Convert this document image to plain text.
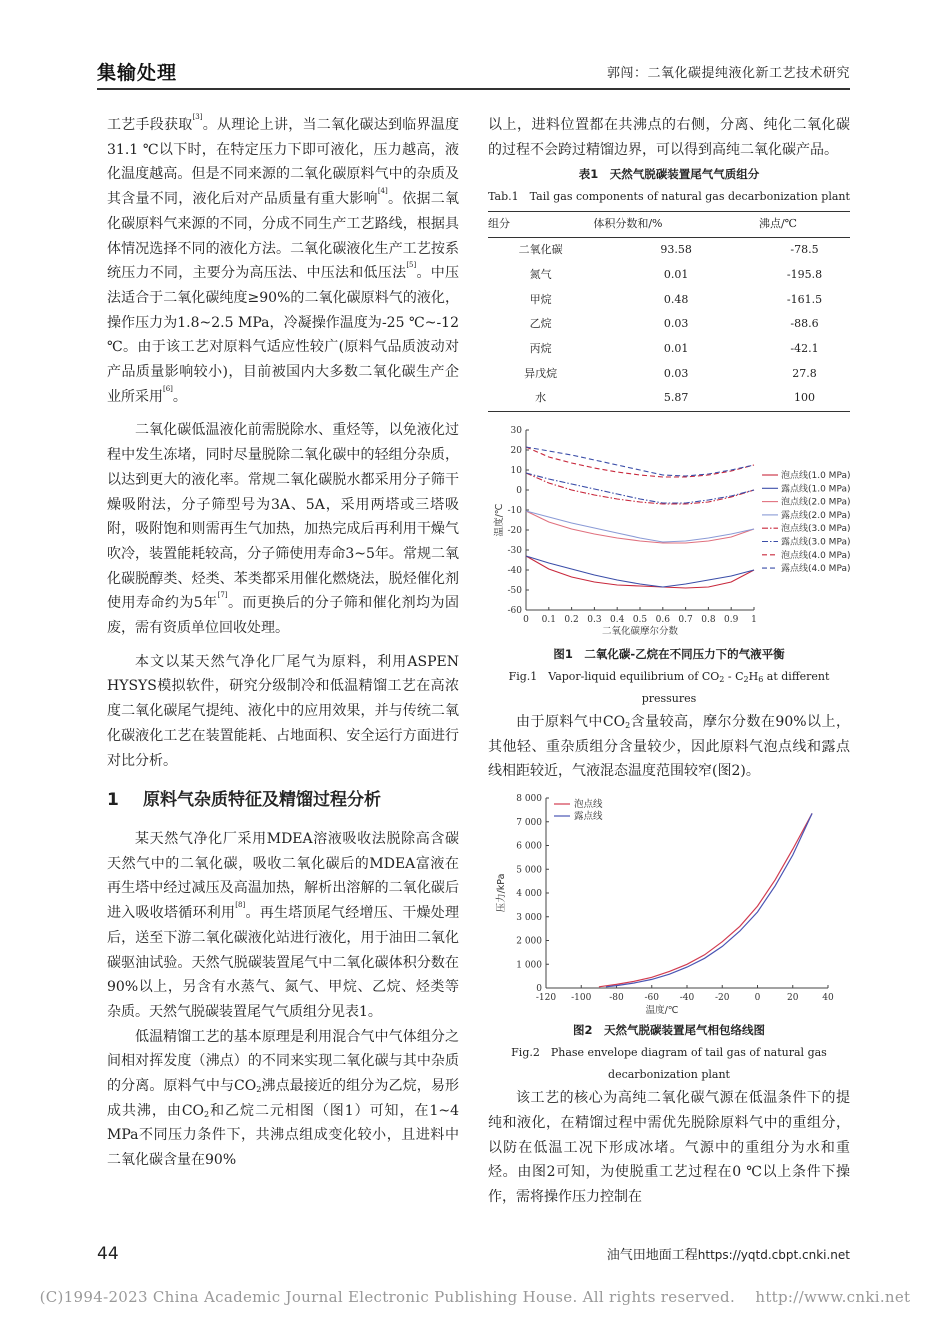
集输处理	郭闯：二氧化碳提纯液化新工艺技术研究

工艺手段获取[3]。从理论上讲，当二氧化碳达到临界温度 31.1 ℃以下时，在特定压力下即可液化，压力越高，液化温度越高。但是不同来源的二氧化碳原料气中的杂质及其含量不同，液化后对产品质量有重大影响[4]。依据二氧化碳原料气来源的不同，分成不同生产工艺路线，根据具体情况选择不同的液化方法。二氧化碳液化生产工艺按系统压力不同，主要分为高压法、中压法和低压法[5]。中压法适合于二氧化碳纯度≥90%的二氧化碳原料气的液化，操作压力为1.8~2.5 MPa，冷凝操作温度为-25 ℃~-12 ℃。由于该工艺对原料气适应性较广(原料气品质波动对产品质量影响较小)，目前被国内大多数二氧化碳生产企业所采用[6]。

二氧化碳低温液化前需脱除水、重烃等，以免液化过程中发生冻堵，同时尽量脱除二氧化碳中的轻组分杂质，以达到更大的液化率。常规二氧化碳脱水都采用分子筛干燥吸附法，分子筛型号为3A、5A，采用两塔或三塔吸附，吸附饱和则需再生气加热，加热完成后再利用干燥气吹冷，装置能耗较高，分子筛使用寿命3~5年。常规二氧化碳脱醇类、烃类、苯类都采用催化燃烧法，脱烃催化剂使用寿命约为5年[7]。而更换后的分子筛和催化剂均为固废，需有资质单位回收处理。

本文以某天然气净化厂尾气为原料，利用ASPEN HYSYS模拟软件，研究分级制冷和低温精馏工艺在高浓度二氧化碳尾气提纯、液化中的应用效果，并与传统二氧化碳液化工艺在装置能耗、占地面积、安全运行方面进行对比分析。

1 原料气杂质特征及精馏过程分析

某天然气净化厂采用MDEA溶液吸收法脱除高含碳天然气中的二氧化碳，吸收二氧化碳后的MDEA富液在再生塔中经过减压及高温加热，解析出溶解的二氧化碳后进入吸收塔循环利用[8]。再生塔顶尾气经增压、干燥处理后，送至下游二氧化碳液化站进行液化，用于油田二氧化碳驱油试验。天然气脱碳装置尾气中二氧化碳体积分数在90%以上，另含有水蒸气、氮气、甲烷、乙烷、烃类等杂质。天然气脱碳装置尾气气质组分见表1。

低温精馏工艺的基本原理是利用混合气中气体组分之间相对挥发度（沸点）的不同来实现二氧化碳与其中杂质的分离。原料气中与$CO_2$沸点最接近的组分为乙烷，易形成共沸，由$CO_2$和乙烷二元相图（图1）可知，在1~4 MPa不同压力条件下，共沸点组成变化较小，且进料中二氧化碳含量在90%

以上，进料位置都在共沸点的右侧，分离、纯化二氧化碳的过程不会跨过精馏边界，可以得到高纯二氧化碳产品。

表1　天然气脱碳装置尾气气质组分

Tab.1　Tail gas components of natural gas decarbonization plant

组分	体积分数和/%	沸点/℃
二氧化碳	93.58	-78.5
氮气	0.01	-195.8
甲烷	0.48	-161.5
乙烷	0.03	-88.6
丙烷	0.01	-42.1
异戊烷	0.03	27.8
水	5.87	100
30
20
10
0
-10
-20
-30
-40
-50
-60
0 0.1 0.2 0.3 0.4 0.5 0.6 0.7 0.8 0.9 1
二氧化碳摩尔分数
温度/℃
泡点线(1.0 MPa)
露点线(1.0 MPa)
泡点线(2.0 MPa)
露点线(2.0 MPa)
泡点线(3.0 MPa)
露点线(3.0 MPa)
泡点线(4.0 MPa)
露点线(4.0 MPa)

图1　二氧化碳-乙烷在不同压力下的气液平衡

Fig.1　Vapor-liquid equilibrium of $CO_2 - C_2H_6$ at different
pressures

由于原料气中$CO_2$含量较高，摩尔分数在90%以上，其他轻、重杂质组分含量较少，因此原料气泡点线和露点线相距较近，气液混态温度范围较窄(图2)。

8 000
7 000
6 000
5 000
4 000
3 000
2 000
1 000
0
-120 -100 -80 -60 -40 -20	0	20	40
温度/℃
压力/kPa
泡点线
露点线

图2　天然气脱碳装置尾气相包络线图

Fig.2　Phase envelope diagram of tail gas of natural gas
decarbonization plant

该工艺的核心为高纯二氧化碳气源在低温条件下的提纯和液化，在精馏过程中需优先脱除原料气中的重组分，以防在低温工况下形成冰堵。气源中的重组分为水和重烃。由图2可知，为使脱重工艺过程在0 ℃以上条件下操作，需将操作压力控制在

44	油气田地面工程https://yqtd.cbpt.cnki.net
(C)1994-2023 China Academic Journal Electronic Publishing House. All rights reserved.　 http://www.cnki.net
